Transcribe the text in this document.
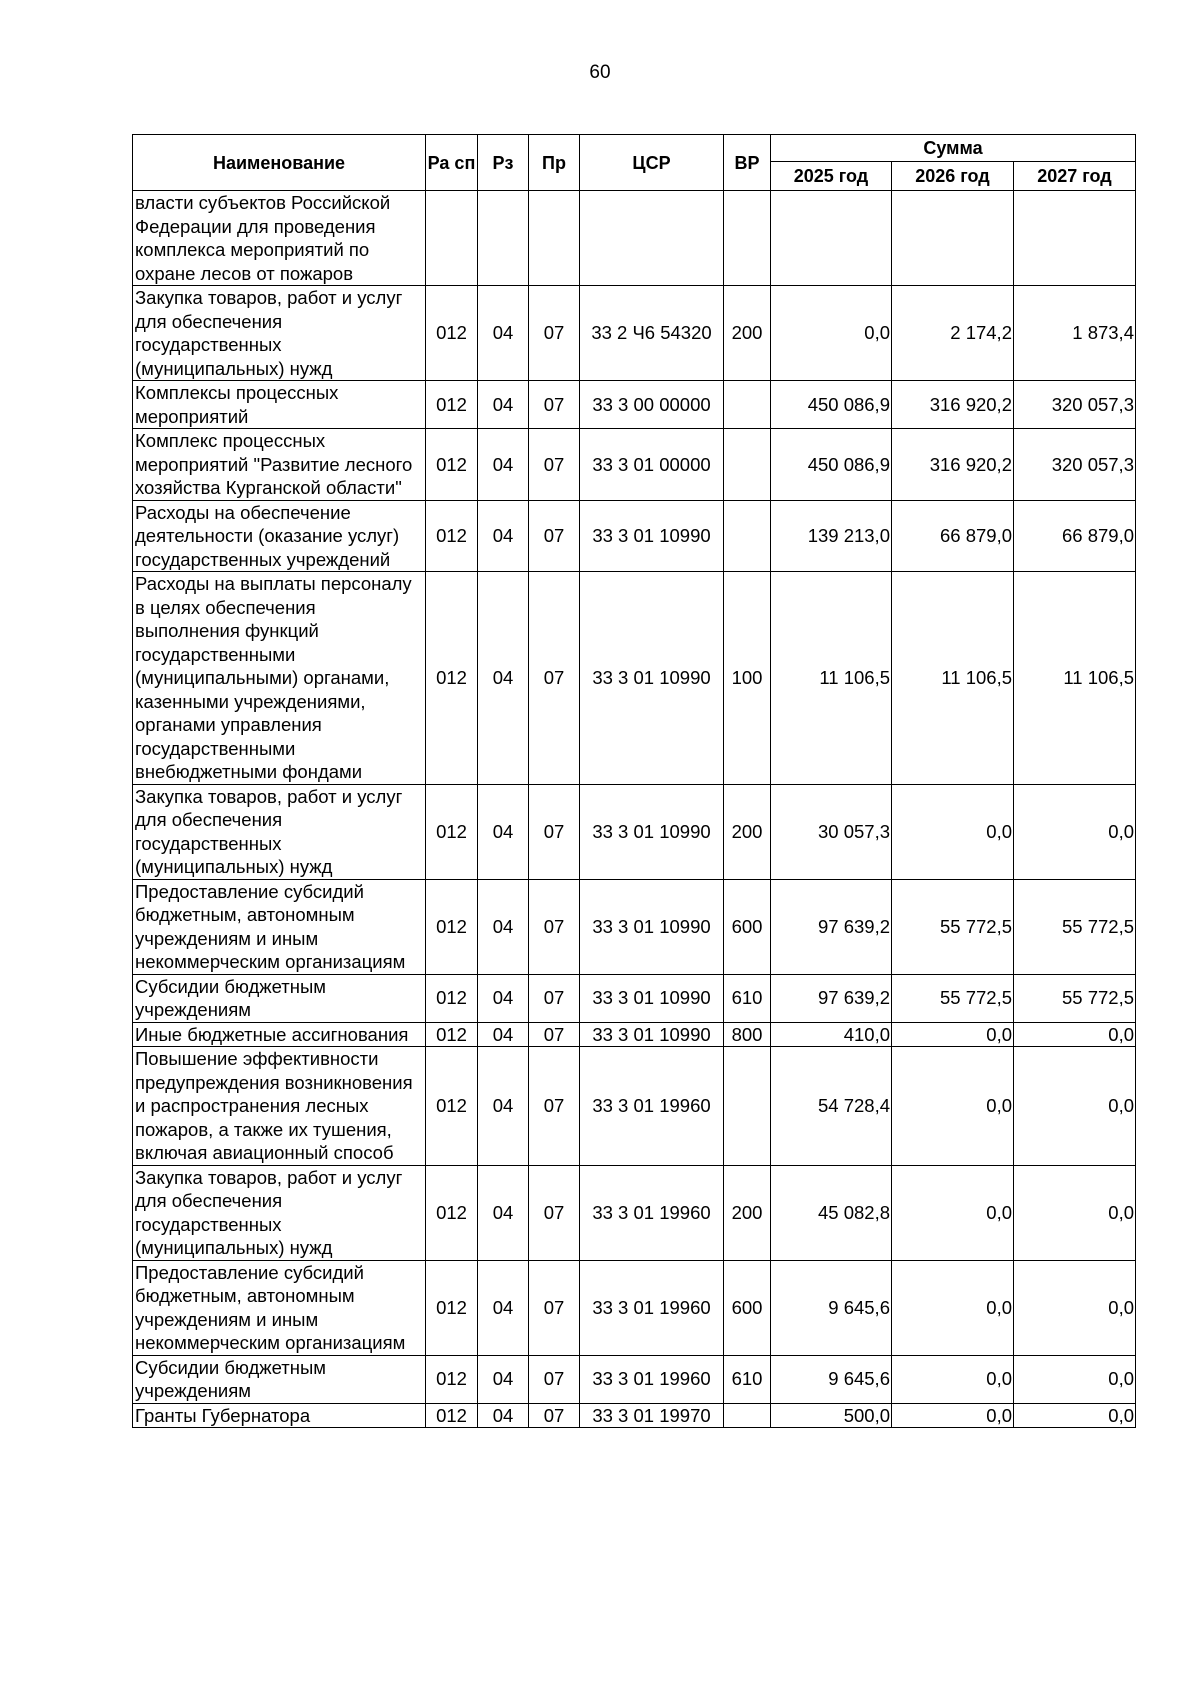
60
Наименование	Ра сп	Рз	Пр	ЦСР	ВР	Сумма		
						2025 год	2026 год	2027 год
власти субъектов Российской Федерации для проведения комплекса мероприятий по охране лесов от пожаров								
Закупка товаров, работ и услуг для обеспечения государственных (муниципальных) нужд	012	04	07	33 2 Ч6 54320	200	0,0	2 174,2	1 873,4
Комплексы процессных мероприятий	012	04	07	33 3 00 00000		450 086,9	316 920,2	320 057,3
Комплекс процессных мероприятий "Развитие лесного хозяйства Курганской области"	012	04	07	33 3 01 00000		450 086,9	316 920,2	320 057,3
Расходы на обеспечение деятельности (оказание услуг) государственных учреждений	012	04	07	33 3 01 10990		139 213,0	66 879,0	66 879,0
Расходы на выплаты персоналу в целях обеспечения выполнения функций государственными (муниципальными) органами, казенными учреждениями, органами управления государственными внебюджетными фондами	012	04	07	33 3 01 10990	100	11 106,5	11 106,5	11 106,5
Закупка товаров, работ и услуг для обеспечения государственных (муниципальных) нужд	012	04	07	33 3 01 10990	200	30 057,3	0,0	0,0
Предоставление субсидий бюджетным, автономным учреждениям и иным некоммерческим организациям	012	04	07	33 3 01 10990	600	97 639,2	55 772,5	55 772,5
Субсидии бюджетным учреждениям	012	04	07	33 3 01 10990	610	97 639,2	55 772,5	55 772,5
Иные бюджетные ассигнования	012	04	07	33 3 01 10990	800	410,0	0,0	0,0
Повышение эффективности предупреждения возникновения и распространения лесных пожаров, а также их тушения, включая авиационный способ	012	04	07	33 3 01 19960		54 728,4	0,0	0,0
Закупка товаров, работ и услуг для обеспечения государственных (муниципальных) нужд	012	04	07	33 3 01 19960	200	45 082,8	0,0	0,0
Предоставление субсидий бюджетным, автономным учреждениям и иным некоммерческим организациям	012	04	07	33 3 01 19960	600	9 645,6	0,0	0,0
Субсидии бюджетным учреждениям	012	04	07	33 3 01 19960	610	9 645,6	0,0	0,0
Гранты Губернатора	012	04	07	33 3 01 19970		500,0	0,0	0,0
